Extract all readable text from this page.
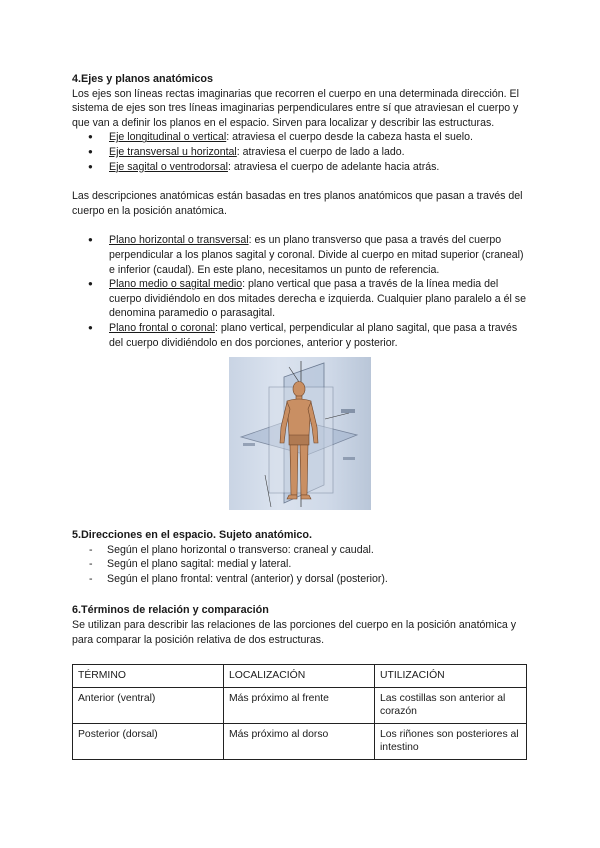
4.Ejes y planos anatómicos

Los ejes son líneas rectas imaginarias que recorren el cuerpo en una determinada dirección. El sistema de ejes son tres líneas imaginarias perpendiculares entre sí que atraviesan el cuerpo y que van a definir los planos en el espacio. Sirven para localizar y describir las estructuras.

● Eje longitudinal o vertical: atraviesa el cuerpo desde la cabeza hasta el suelo.
● Eje transversal u horizontal: atraviesa el cuerpo de lado a lado.
● Eje sagital o ventrodorsal: atraviesa el cuerpo de adelante hacia atrás.

Las descripciones anatómicas están basadas en tres planos anatómicos que pasan a través del cuerpo en la posición anatómica.

● Plano horizontal o transversal: es un plano transverso que pasa a través del cuerpo perpendicular a los planos sagital y coronal. Divide al cuerpo en mitad superior (craneal) e inferior (caudal). En este plano, necesitamos un punto de referencia.
● Plano medio o sagital medio: plano vertical que pasa a través de la línea media del cuerpo dividiéndolo en dos mitades derecha e izquierda. Cualquier plano paralelo a él se denomina paramedio o parasagital.
● Plano frontal o coronal: plano vertical, perpendicular al plano sagital, que pasa a través del cuerpo dividiéndolo en dos porciones, anterior y posterior.
5.Direcciones en el espacio. Sujeto anatómico.
- Según el plano horizontal o transverso: craneal y caudal.
- Según el plano sagital: medial y lateral.
- Según el plano frontal: ventral (anterior) y dorsal (posterior).
6.Términos de relación y comparación

Se utilizan para describir las relaciones de las porciones del cuerpo en la posición anatómica y para comparar la posición relativa de dos estructuras.

TÉRMINO	LOCALIZACIÓN	UTILIZACIÓN
Anterior (ventral)	Más próximo al frente	Las costillas son anterior al corazón
Posterior (dorsal)	Más próximo al dorso	Los riñones son posteriores al intestino
